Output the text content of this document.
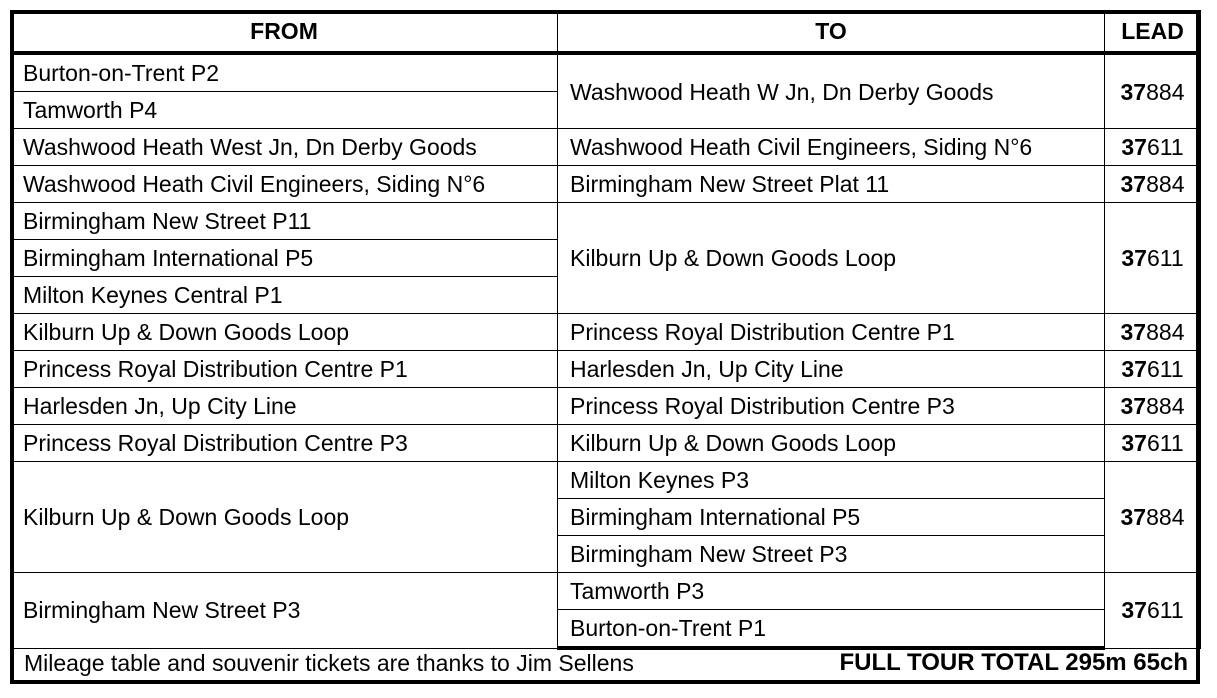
FROM	TO	LEAD
Burton-on-Trent P2	Washwood Heath W Jn, Dn Derby Goods	37884
Tamworth P4		
Washwood Heath West Jn, Dn Derby Goods	Washwood Heath Civil Engineers, Siding N°6	37611
Washwood Heath Civil Engineers, Siding N°6	Birmingham New Street Plat 11	37884
Birmingham New Street P11	Kilburn Up & Down Goods Loop	37611
Birmingham International P5		
Milton Keynes Central P1		
Kilburn Up & Down Goods Loop	Princess Royal Distribution Centre P1	37884
Princess Royal Distribution Centre P1	Harlesden Jn, Up City Line	37611
Harlesden Jn, Up City Line	Princess Royal Distribution Centre P3	37884
Princess Royal Distribution Centre P3	Kilburn Up & Down Goods Loop	37611
Kilburn Up & Down Goods Loop	Milton Keynes P3	37884
	Birmingham International P5	
	Birmingham New Street P3	
Birmingham New Street P3	Tamworth P3	37611
	Burton-on-Trent P1	
Mileage table and souvenir tickets are thanks to Jim Sellens	FULL TOUR TOTAL 295m 65ch
